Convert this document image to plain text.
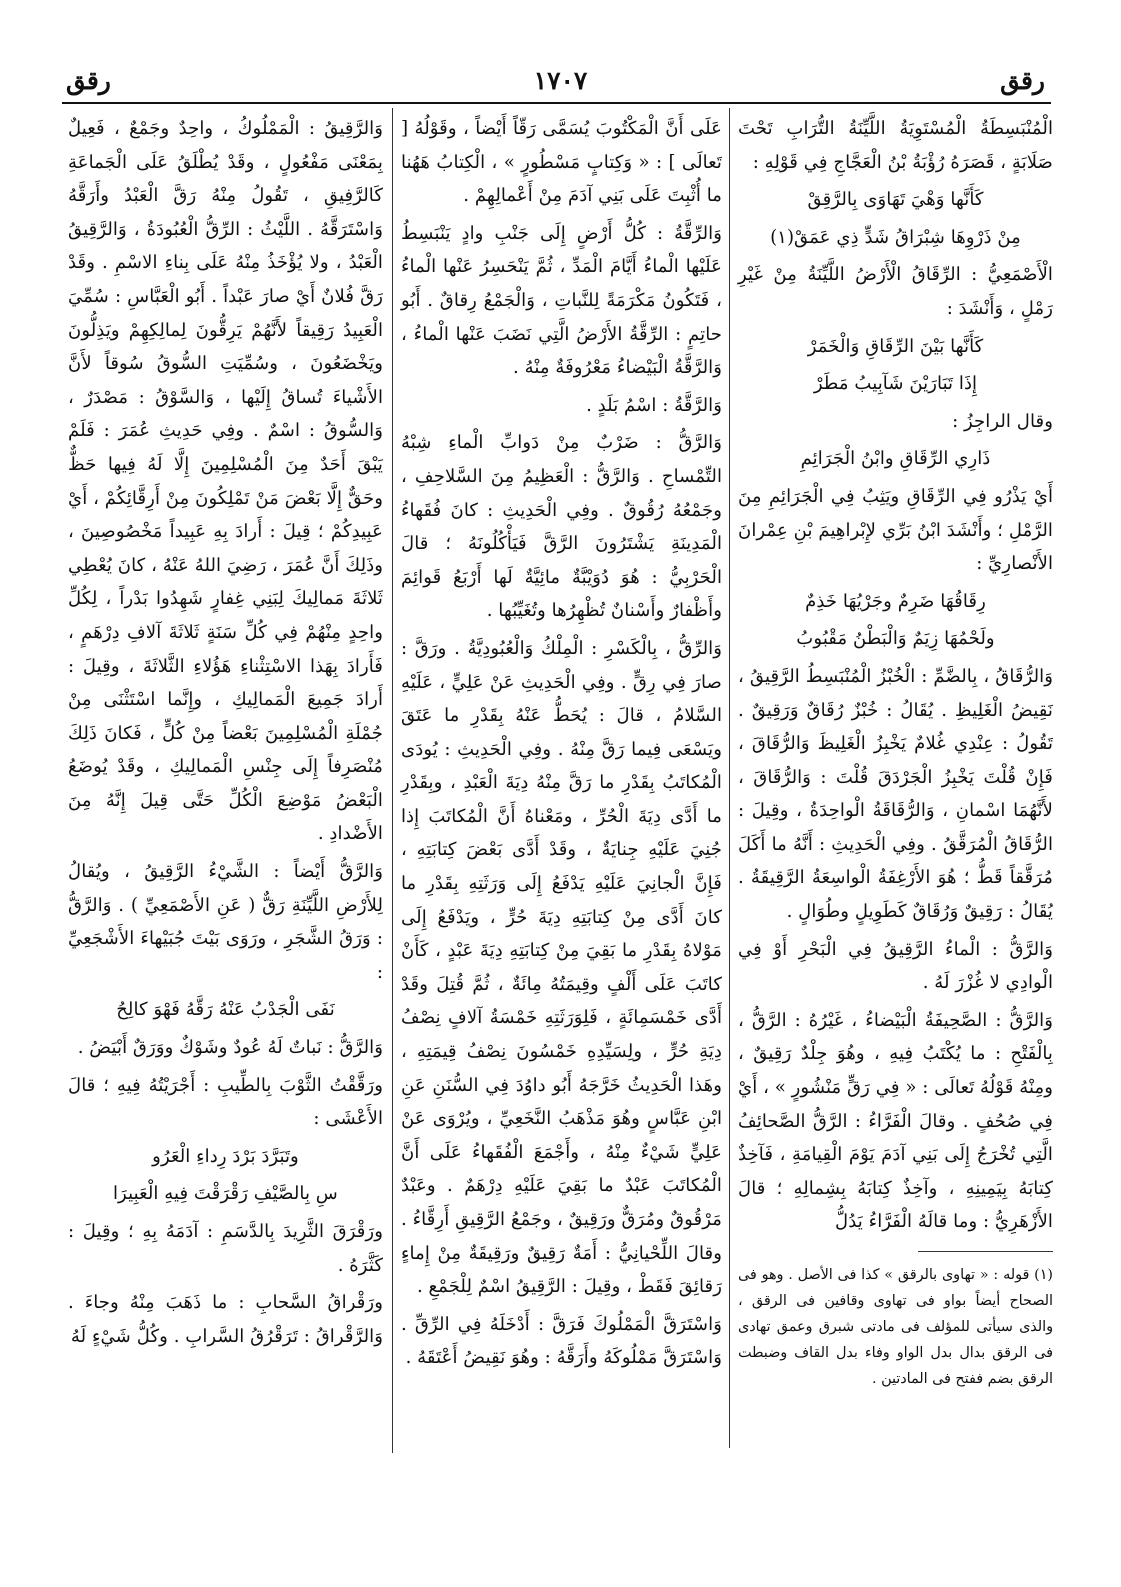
رقق
١٧٠٧
رقق

الْمُنْبَسِطَةُ الْمُسْتَوِيَةُ اللَّيِّنَةُ التُّرَابِ تَحْتَ صَلَابَةٍ ، قَصَرَهُ رُؤْبَةُ بْنُ الْعَجَّاجِ فِي قَوْلِهِ :

كَأَنَّها وَهْيَ تَهَاوَى بِالرَّقِقْ

مِنْ ذَرْوِهَا شِبْرَاقُ شَدٍّ ذِي عَمَقْ(١)

الْأَصْمَعِيُّ : الرِّقَاقُ الْأَرْضُ اللَّيِّنَةُ مِنْ غَيْرِ رَمْلٍ ، وَأَنْشَدَ :

كَأَنَّها بَيْنَ الرِّقَاقِ وَالْخَمَرْ

إِذَا تَبَارَيْنَ شَآبِيبُ مَطَرْ

وقال الراجِزُ :

ذَارِي الرِّقَاقِ وابْنُ الْجَرَائِمِ

أَيْ يَذْرُو فِي الرِّقَاقِ ويَثِبُ فِي الْجَرَائِمِ مِنَ الرَّمْلِ ؛ وأَنْشَدَ ابْنُ بَرِّي لإِبْراهِيمَ بْنِ عِمْرانَ الأَنْصارِيِّ :

رِقَاقُهَا ضَرِمٌ وجَرْيُهَا خَذِمٌ

ولَحْمُهَا زِيَمٌ وَالْبَطْنُ مَقْبُوبُ

وَالرُّقَاقُ ، بِالضَّمِّ : الْخُبْزُ الْمُنْبَسِطُ الرَّقِيقُ ، نَقِيضُ الْغَلِيظِ . يُقَالُ : خُبْزٌ رُقَاقٌ وَرَقِيقٌ . تَقُولُ : عِنْدِي غُلامٌ يَخْبِزُ الْغَلِيظَ وَالرُّقَاقَ ، فَإِنْ قُلْتَ يَخْبِزُ الْجَرْدَقَ قُلْتَ : وَالرُّقَاقَ ، لأَنَّهُمَا اسْمانِ ، وَالرُّقَاقَةُ الْواحِدَةُ ، وقِيلَ : الرُّقَاقُ الْمُرَقَّقُ . وفِي الْحَدِيثِ : أَنَّهُ ما أَكَلَ مُرَقَّقاً قَطُّ ؛ هُوَ الأَرْغِفَةُ الْواسِعَةُ الرَّقِيقَةُ . يُقَالُ : رَقِيقٌ وَرُقَاقٌ كَطَوِيلٍ وطُوَالٍ .

وَالرَّقُّ : الْماءُ الرَّقِيقُ فِي الْبَحْرِ أَوْ فِي الْوادِي لا غُزْرَ لَهُ .

وَالرَّقُّ : الصَّحِيفَةُ الْبَيْضاءُ ، غَيْرُهُ : الرَّقُّ ، بِالْفَتْحِ : ما يُكْتَبُ فِيهِ ، وهُوَ جِلْدٌ رَقِيقٌ ، ومِنْهُ قَوْلُهُ تَعالَى : « فِي رَقٍّ مَنْشُورٍ » ، أَيْ فِي صُحُفٍ . وقالَ الْفَرَّاءُ : الرَّقُّ الصَّحائِفُ الَّتِي تُخْرَجُ إِلَى بَنِي آدَمَ يَوْمَ الْقِيامَةِ ، فَآخِذٌ كِتابَهُ بِيَمِينِهِ ، وآخِذٌ كِتابَهُ بِشِمالِهِ ؛ قالَ الأَزْهَرِيُّ : وما قالَهُ الْفَرَّاءُ يَدُلُّ

(١) قوله : « تهاوى بالرقق » كذا فى الأصل . وهو فى الصحاح أيضاً بواو فى تهاوى وقافين فى الرقق ، والذى سيأتى للمؤلف فى مادتى شبرق وعمق تهادى فى الرقق بدال بدل الواو وفاء بدل القاف وضبطت الرقق بضم ففتح فى المادتين .

عَلَى أَنَّ الْمَكْتُوبَ يُسَمَّى رَقّاً أَيْضاً ، وقَوْلُهُ [ تَعالَى ] : « وَكِتابٍ مَسْطُورٍ » ، الْكِتابُ هَهُنا ما أُثْبِتَ عَلَى بَنِي آدَمَ مِنْ أَعْمالِهِمْ .

وَالرِّقَّةُ : كُلُّ أَرْضٍ إِلَى جَنْبِ وادٍ يَنْبَسِطُ عَلَيْها الْماءُ أَيَّامَ الْمَدِّ ، ثُمَّ يَنْحَسِرُ عَنْها الْماءُ ، فَتَكُونُ مَكْرَمَةً لِلنَّباتِ ، وَالْجَمْعُ رِقاقٌ . أَبُو حاتِمٍ : الرِّقَّةُ الأَرْضُ الَّتِي نَضَبَ عَنْها الْماءُ ، وَالرَّقَّةُ الْبَيْضاءُ مَعْرُوفَةٌ مِنْهُ .

وَالرَّقَّةُ : اسْمُ بَلَدٍ .

وَالرَّقُّ : ضَرْبٌ مِنْ دَوابِّ الْماءِ شِبْهُ التِّمْساحِ . وَالرَّقُّ : الْعَظِيمُ مِنَ السَّلاحِفِ ، وجَمْعُهُ رُقُوقٌ . وفِي الْحَدِيثِ : كانَ فُقَهاءُ الْمَدِينَةِ يَشْتَرُونَ الرَّقَّ فَيَأْكُلُونَهُ ؛ قالَ الْحَرْبِيُّ : هُوَ دُوَيْبَّةٌ مائِيَّةٌ لَها أَرْبَعُ قَوائِمَ وأَظْفارٌ وأَسْنانٌ تُظْهِرُها وتُغَيِّبُها .

وَالرِّقُّ ، بِالْكَسْرِ : الْمِلْكُ وَالْعُبُودِيَّةُ . ورَقَّ : صارَ فِي رِقٍّ . وفِي الْحَدِيثِ عَنْ عَلِيٍّ ، عَلَيْهِ السَّلامُ ، قالَ : يُحَطُّ عَنْهُ بِقَدْرِ ما عَتَقَ ويَسْعَى فِيما رَقَّ مِنْهُ . وفِي الْحَدِيثِ : يُودَى الْمُكاتَبُ بِقَدْرِ ما رَقَّ مِنْهُ دِيَةَ الْعَبْدِ ، وبِقَدْرِ ما أَدَّى دِيَةَ الْحُرِّ ، ومَعْناهُ أَنَّ الْمُكاتَبَ إِذا جُنِيَ عَلَيْهِ جِنايَةٌ ، وقَدْ أَدَّى بَعْضَ كِتابَتِهِ ، فَإِنَّ الْجانِيَ عَلَيْهِ يَدْفَعُ إِلَى وَرَثَتِهِ بِقَدْرِ ما كانَ أَدَّى مِنْ كِتابَتِهِ دِيَةَ حُرٍّ ، ويَدْفَعُ إِلَى مَوْلاهُ بِقَدْرِ ما بَقِيَ مِنْ كِتابَتِهِ دِيَةَ عَبْدٍ ، كَأَنْ كاتَبَ عَلَى أَلْفٍ وقِيمَتُهُ مِائَةٌ ، ثُمَّ قُتِلَ وقَدْ أَدَّى خَمْسَمِائَةٍ ، فَلِوَرَثَتِهِ خَمْسَةُ آلافٍ نِصْفُ دِيَةِ حُرٍّ ، ولِسَيِّدِهِ خَمْسُونَ نِصْفُ قِيمَتِهِ ، وهَذا الْحَدِيثُ خَرَّجَهُ أَبُو داوُدَ فِي السُّنَنِ عَنِ ابْنِ عَبَّاسٍ وهُوَ مَذْهَبُ النَّخَعِيِّ ، ويُرْوَى عَنْ عَلِيٍّ شَيْءٌ مِنْهُ ، وأَجْمَعَ الْفُقَهاءُ عَلَى أَنَّ الْمُكاتَبَ عَبْدٌ ما بَقِيَ عَلَيْهِ دِرْهَمٌ . وعَبْدٌ مَرْقُوقٌ ومُرَقٌّ ورَقِيقٌ ، وجَمْعُ الرَّقِيقِ أَرِقَّاءُ . وقالَ اللِّحْيانِيُّ : أَمَةٌ رَقِيقٌ ورَقِيقَةٌ مِنْ إِماءٍ رَقائِقَ فَقَطْ ، وقِيلَ : الرَّقِيقُ اسْمٌ لِلْجَمْعِ .

وَاسْتَرَقَّ الْمَمْلُوكَ فَرَقَّ : أَدْخَلَهُ فِي الرِّقِّ . وَاسْتَرَقَّ مَمْلُوكَهُ وأَرَقَّهُ : وهُوَ نَقِيضُ أَعْتَقَهُ .

وَالرَّقِيقُ : الْمَمْلُوكُ ، واحِدٌ وجَمْعٌ ، فَعِيلٌ بِمَعْنَى مَفْعُولٍ ، وقَدْ يُطْلَقُ عَلَى الْجَماعَةِ كَالرَّفِيقِ ، تَقُولُ مِنْهُ رَقَّ الْعَبْدُ وأَرَقَّهُ وَاسْتَرَقَّهُ . اللَّيْثُ : الرِّقُّ الْعُبُودَةُ ، وَالرَّقِيقُ الْعَبْدُ ، ولا يُؤْخَذُ مِنْهُ عَلَى بِناءِ الاسْمِ . وقَدْ رَقَّ فُلانٌ أَيْ صارَ عَبْداً . أَبُو الْعَبَّاسِ : سُمِّيَ الْعَبِيدُ رَقِيقاً لأَنَّهُمْ يَرِقُّونَ لِمالِكِهِمْ ويَذِلُّونَ ويَخْضَعُونَ ، وسُمِّيَتِ السُّوقُ سُوقاً لأَنَّ الأَشْياءَ تُساقُ إِلَيْها ، وَالسَّوْقُ : مَصْدَرٌ ، وَالسُّوقُ : اسْمٌ . وفِي حَدِيثِ عُمَرَ : فَلَمْ يَبْقَ أَحَدٌ مِنَ الْمُسْلِمِينَ إِلَّا لَهُ فِيها حَظٌّ وحَقٌّ إِلَّا بَعْضَ مَنْ تَمْلِكُونَ مِنْ أَرِقَّائِكُمْ ، أَيْ عَبِيدِكُمْ ؛ قِيلَ : أَرادَ بِهِ عَبِيداً مَخْصُوصِينَ ، وذَلِكَ أَنَّ عُمَرَ ، رَضِيَ اللهُ عَنْهُ ، كانَ يُعْطِي ثَلاثَةَ مَمالِيكَ لِبَنِي غِفارٍ شَهِدُوا بَدْراً ، لِكُلِّ واحِدٍ مِنْهُمْ فِي كُلِّ سَنَةٍ ثَلاثَةَ آلافِ دِرْهَمٍ ، فَأَرادَ بِهَذا الاسْتِثْناءِ هَؤُلاءِ الثَّلاثَةَ ، وقِيلَ : أَرادَ جَمِيعَ الْمَمالِيكِ ، وإِنَّما اسْتَثْنَى مِنْ جُمْلَةِ الْمُسْلِمِينَ بَعْضاً مِنْ كُلٍّ ، فَكانَ ذَلِكَ مُنْصَرِفاً إِلَى جِنْسِ الْمَمالِيكِ ، وقَدْ يُوضَعُ الْبَعْضُ مَوْضِعَ الْكُلِّ حَتَّى قِيلَ إِنَّهُ مِنَ الأَضْدادِ .

وَالرَّقُّ أَيْضاً : الشَّيْءُ الرَّقِيقُ ، ويُقالُ لِلأَرْضِ اللَّيِّنَةِ رَقٌّ ( عَنِ الأَصْمَعِيِّ ) . وَالرَّقُّ : وَرَقُ الشَّجَرِ ، ورَوَى بَيْتَ جُبَيْهاءَ الأَشْجَعِيِّ :

نَفَى الْجَدْبُ عَنْهُ رَقَّهُ فَهْوَ كالِحُ

وَالرَّقُّ : نَباتٌ لَهُ عُودٌ وشَوْكٌ ووَرَقٌ أَبْيَضُ .

ورَقَّقْتُ الثَّوْبَ بِالطِّيبِ : أَجْرَيْتُهُ فِيهِ ؛ قالَ الأَعْشَى :

وتَبَرَّدَ بَرْدَ رِداءِ الْعَرُو

سِ بِالصَّيْفِ رَقْرَقْتَ فِيهِ الْعَبِيرَا

ورَقْرَقَ الثَّرِيدَ بِالدَّسَمِ : آدَمَهُ بِهِ ؛ وقِيلَ : كَثَّرَهُ .

ورَقْراقُ السَّحابِ : ما ذَهَبَ مِنْهُ وجاءَ . وَالرَّقْراقُ : تَرَقْرُقُ السَّرابِ . وكُلُّ شَيْءٍ لَهُ
